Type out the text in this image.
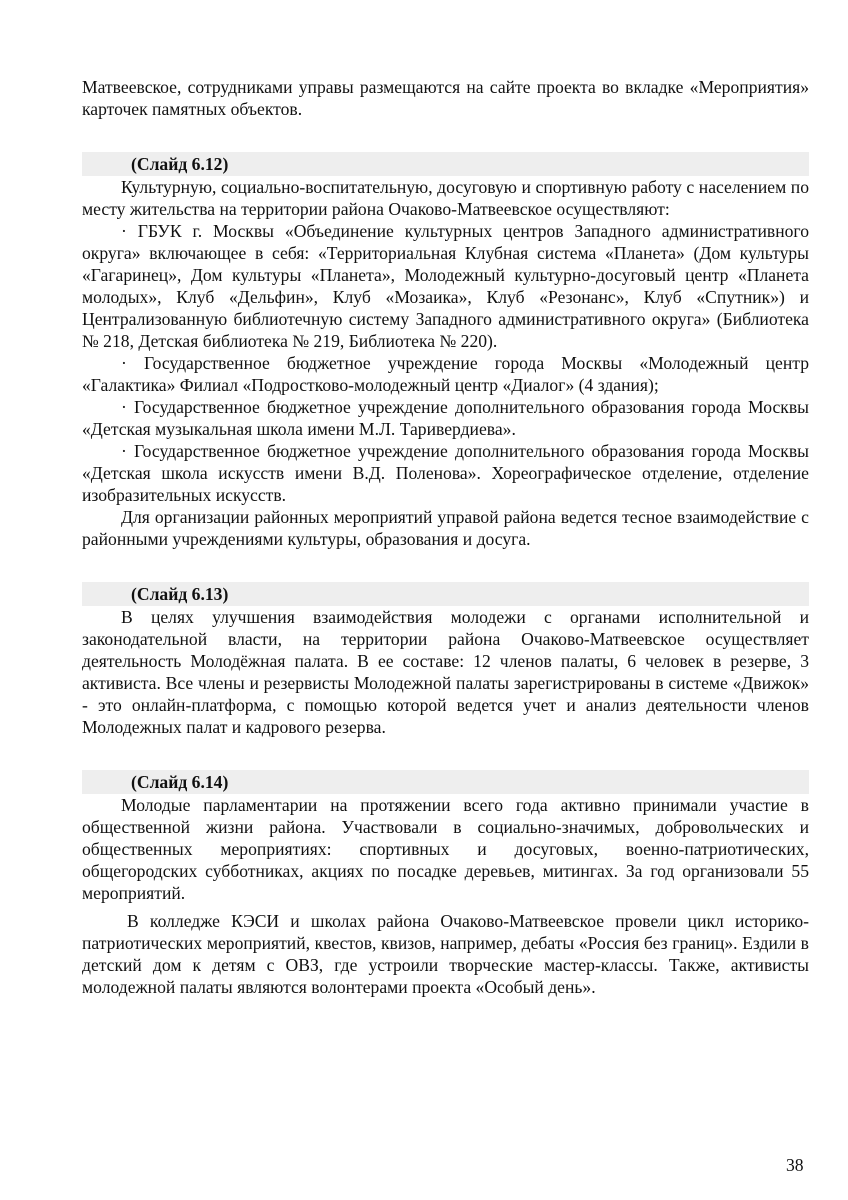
Матвеевское, сотрудниками управы размещаются на сайте проекта во вкладке «Мероприятия» карточек памятных объектов.

(Слайд 6.12)

Культурную, социально-воспитательную, досуговую и спортивную работу с населением по месту жительства на территории района Очаково-Матвеевское осуществляют:

· ГБУК г. Москвы «Объединение культурных центров Западного административного округа» включающее в себя: «Территориальная Клубная система «Планета» (Дом культуры «Гагаринец», Дом культуры «Планета», Молодежный культурно-досуговый центр «Планета молодых», Клуб «Дельфин», Клуб «Мозаика», Клуб «Резонанс», Клуб «Спутник») и Централизованную библиотечную систему Западного административного округа» (Библиотека № 218, Детская библиотека № 219, Библиотека № 220).

· Государственное бюджетное учреждение города Москвы «Молодежный центр «Галактика» Филиал «Подростково-молодежный центр «Диалог» (4 здания);

· Государственное бюджетное учреждение дополнительного образования города Москвы «Детская музыкальная школа имени М.Л. Таривердиева».

· Государственное бюджетное учреждение дополнительного образования города Москвы «Детская школа искусств имени В.Д. Поленова». Хореографическое отделение, отделение изобразительных искусств.

Для организации районных мероприятий управой района ведется тесное взаимодействие с районными учреждениями культуры, образования и досуга.

(Слайд 6.13)

В целях улучшения взаимодействия молодежи с органами исполнительной и законодательной власти, на территории района Очаково-Матвеевское осуществляет деятельность Молодёжная палата. В ее составе: 12 членов палаты, 6 человек в резерве, 3 активиста. Все члены и резервисты Молодежной палаты зарегистрированы в системе «Движок» - это онлайн-платформа, с помощью которой ведется учет и анализ деятельности членов Молодежных палат и кадрового резерва.

(Слайд 6.14)

Молодые парламентарии на протяжении всего года активно принимали участие в общественной жизни района. Участвовали в социально-значимых, добровольческих и общественных мероприятиях: спортивных и досуговых, военно-патриотических, общегородских субботниках, акциях по посадке деревьев, митингах. За год организовали 55 мероприятий.

В колледже КЭСИ и школах района Очаково-Матвеевское провели цикл историко-патриотических мероприятий, квестов, квизов, например, дебаты «Россия без границ». Ездили в детский дом к детям с ОВЗ, где устроили творческие мастер-классы. Также, активисты молодежной палаты являются волонтерами проекта «Особый день».

38
